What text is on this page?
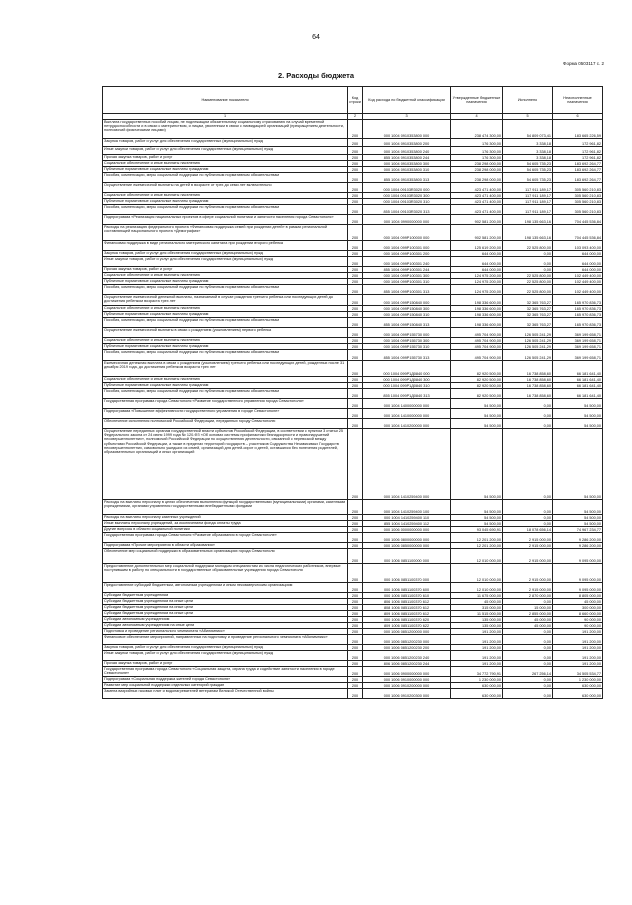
64
Форма 0503117 с. 2
2. Расходы бюджета
Наименование показателя	Код строки	Код расхода по бюджетной классификации	Утвержденные бюджетные назначения	Исполнено	Неисполненные назначения
1	2	3	4	5	6
Выплата государственных пособий лицам, не подлежащим обязательному социальному страхованию на случай временной нетрудоспособности и в связи с материнством, и лицам, уволенным в связи с ликвидацией организаций (прекращением деятельности, полномочий физическими лицами)	200	000 1004 0910353800 000	238 474 300,00	54 809 073,41	183 665 226,59
Закупка товаров, работ и услуг для обеспечения государственных (муниципальных) нужд	200	000 1004 0910353800 200	176 300,00	3 338,18	172 961,82
Иные закупки товаров, работ и услуг для обеспечения государственных (муниципальных) нужд	200	000 1004 0910353800 240	176 300,00	3 338,18	172 961,82
Прочая закупка товаров, работ и услуг	200	855 1004 0910353800 244	176 300,00	3 338,18	172 961,82
Социальное обеспечение и иные выплаты населению	200	000 1004 0910353800 300	238 298 000,00	54 605 735,23	183 692 264,77
Публичные нормативные социальные выплаты гражданам	200	000 1004 0910353800 310	238 298 000,00	54 605 735,23	183 692 264,77
Пособия, компенсации, меры социальной поддержки по публичным нормативным обязательствам	200	855 1004 0910353800 313	238 298 000,00	54 605 735,23	183 692 264,77
Осуществление ежемесячной выплаты на детей в возрасте от трех до семи лет включительно	200	000 1004 09103R3020 000	423 471 400,00	117 911 189,17	305 560 210,83
Социальное обеспечение и иные выплаты населению	200	000 1004 09103R3020 300	423 471 400,00	117 911 189,17	305 560 210,83
Публичные нормативные социальные выплаты гражданам	200	000 1004 09103R3020 310	423 471 400,00	117 911 189,17	305 560 210,83
Пособия, компенсации, меры социальной поддержки по публичным нормативным обязательствам	200	855 1004 09103R3020 313	423 471 400,00	117 911 189,17	305 560 210,83
Подпрограмма «Реализация национальных проектов в сфере социальной политики и занятости населения города Севастополя»	200	000 1004 0990000000 000	902 581 200,00	198 135 663,16	704 445 536,84
Расходы на реализацию федерального проекта «Финансовая поддержка семей при рождении детей» в рамках региональной составляющей национального проекта «Демография»	200	000 1004 099P100000 000	902 581 200,00	198 135 663,16	704 445 536,84
Финансовая поддержка в виде регионального материнского капитала при рождении второго ребенка	200	000 1004 099P100301 000	125 619 200,00	22 525 800,00	103 093 400,00
Закупка товаров, работ и услуг для обеспечения государственных (муниципальных) нужд	200	000 1004 099P100301 200	644 000,00	0,00	644 000,00
Иные закупки товаров, работ и услуг для обеспечения государственных (муниципальных) нужд	200	000 1004 099P100301 240	644 000,00	0,00	644 000,00
Прочая закупка товаров, работ и услуг	200	855 1004 099P100301 244	644 000,00	0,00	644 000,00
Социальное обеспечение и иные выплаты населению	200	000 1004 099P100301 300	124 975 200,00	22 525 800,00	102 449 400,00
Публичные нормативные социальные выплаты гражданам	200	000 1004 099P100301 310	124 975 200,00	22 525 800,00	102 449 400,00
Пособия, компенсации, меры социальной поддержки по публичным нормативным обязательствам	200	855 1004 099P100301 313	124 975 200,00	22 525 800,00	102 449 400,00
Осуществление ежемесячной денежной выплаты, назначаемой в случае рождения третьего ребенка или последующих детей до достижения ребенком возраста трех лет	200	000 1004 099P150840 000	198 336 600,00	32 365 763,27	165 970 836,73
Социальное обеспечение и иные выплаты населению	200	000 1004 099P150840 300	198 336 600,00	32 365 763,27	165 970 836,73
Публичные нормативные социальные выплаты гражданам	200	000 1004 099P150840 310	198 336 600,00	32 365 763,27	165 970 836,73
Пособия, компенсации, меры социальной поддержки по публичным нормативным обязательствам	200	855 1004 099P150840 313	198 336 600,00	32 365 763,27	165 970 836,73
Осуществление ежемесячной выплаты в связи с рождением (усыновлением) первого ребенка	200	000 1004 099P155730 000	495 704 900,00	126 505 241,29	369 199 658,71
Социальное обеспечение и иные выплаты населению	200	000 1004 099P155730 300	495 704 900,00	126 505 241,29	369 199 658,71
Публичные нормативные социальные выплаты гражданам	200	000 1004 099P155730 310	495 704 900,00	126 505 241,29	369 199 658,71
Пособия, компенсации, меры социальной поддержки по публичным нормативным обязательствам	200	855 1004 099P155730 313	495 704 900,00	126 505 241,29	369 199 658,71
Ежемесячная денежная выплата в связи с рождением (усыновлением) третьего ребенка или последующих детей, рожденных после 31 декабря 2019 года, до достижения ребенком возраста трех лет	200	000 1004 099P1Д0840 000	82 920 500,00	16 738 858,60	66 181 641,40
Социальное обеспечение и иные выплаты населению	200	000 1004 099P1Д0840 300	82 920 500,00	16 738 858,60	66 181 641,40
Публичные нормативные социальные выплаты гражданам	200	000 1004 099P1Д0840 310	82 920 500,00	16 738 858,60	66 181 641,40
Пособия, компенсации, меры социальной поддержки по публичным нормативным обязательствам	200	855 1004 099P1Д0840 313	82 920 500,00	16 738 858,60	66 181 641,40
Государственная программа города Севастополя «Развитие государственного управления города Севастополя»	200	000 1004 1400000000 000	54 500,00	0,00	54 500,00
Подпрограмма «Повышение эффективности государственного управления в городе Севастополе»	200	000 1004 1410000000 000	54 500,00	0,00	54 500,00
Обеспечение исполнения полномочий Российской Федерации, переданных городу Севастополю	200	000 1004 1410200000 000	54 500,00	0,00	54 500,00
Осуществление переданных органам государственной власти субъектов Российской Федерации, в соответствии с пунктом 3 статьи 25 Федерального закона от 24 июня 1999 года № 120-ФЗ «Об основах системы профилактики безнадзорности и правонарушений несовершеннолетних», полномочий Российской Федерации по осуществлению деятельности, связанной с перевозкой между субъектами Российской Федерации, а также в пределах территорий государств – участников Содружества Независимых Государств несовершеннолетних, самовольно ушедших из семей, организаций для детей-сирот и детей, оставшихся без попечения родителей, образовательных организаций и иных организаций	200	000 1004 1410259400 000	54 500,00	0,00	54 500,00
Расходы на выплаты персоналу в целях обеспечения выполнения функций государственными (муниципальными) органами, казенными учреждениями, органами управления государственными внебюджетными фондами	200	000 1004 1410259400 100	54 500,00	0,00	54 500,00
Расходы на выплаты персоналу казенных учреждений	200	000 1004 1410259400 110	54 500,00	0,00	54 500,00
Иные выплаты персоналу учреждений, за исключением фонда оплаты труда	200	855 1004 1410259400 112	54 500,00	0,00	54 500,00
Другие вопросы в области социальной политики	200	000 1006 0000000000 000	93 045 690,91	18 078 656,14	74 967 234,77
Государственная программа города Севастополя «Развитие образования в городе Севастополе»	200	000 1006 0800000000 000	12 201 200,00	2 915 000,00	9 286 200,00
Подпрограмма «Прочие мероприятия в области образования»	200	000 1006 0850000000 000	12 201 200,00	2 915 000,00	9 286 200,00
Обеспечение мер социальной поддержки в образовательных организациях города Севастополя	200	000 1006 0851100000 000	12 010 000,00	2 915 000,00	9 095 000,00
Предоставление дополнительных мер социальной поддержки молодым специалистам из числа педагогических работников, впервые поступившим в работу по специальности в государственные образовательные учреждения города Севастополя	200	000 1006 0851100370 000	12 010 000,00	2 915 000,00	9 095 000,00
Предоставление субсидий бюджетным, автономным учреждениям и иным некоммерческим организациям	200	000 1006 0851100370 600	12 010 000,00	2 915 000,00	9 095 000,00
Субсидии бюджетным учреждениям	200	000 1006 0851100370 610	11 675 000,00	2 870 000,00	8 805 000,00
Субсидии бюджетным учреждениям на иные цели	200	806 1006 0851100370 612	45 000,00	0,00	45 000,00
Субсидии бюджетным учреждениям на иные цели	200	808 1006 0851100370 612	315 000,00	15 000,00	300 000,00
Субсидии бюджетным учреждениям на иные цели	200	809 1006 0851100370 612	11 515 000,00	2 855 000,00	8 660 000,00
Субсидии автономным учреждениям	200	000 1006 0851100370 620	135 000,00	45 000,00	90 000,00
Субсидии автономным учреждениям на иные цели	200	809 1006 0851100370 622	135 000,00	45 000,00	90 000,00
Подготовка и проведение регионального чемпионата «Абилимпикс»	200	000 1006 0851200000 000	191 200,00	0,00	191 200,00
Финансовое обеспечение мероприятий, направленных на подготовку и проведение регионального чемпионата «Абилимпикс»	200	000 1006 0851200230 000	191 200,00	0,00	191 200,00
Закупка товаров, работ и услуг для обеспечения государственных (муниципальных) нужд	200	000 1006 0851200230 200	191 200,00	0,00	191 200,00
Иные закупки товаров, работ и услуг для обеспечения государственных (муниципальных) нужд	200	000 1006 0851200230 240	191 200,00	0,00	191 200,00
Прочая закупка товаров, работ и услуг	200	806 1006 0851200230 244	191 200,00	0,00	191 200,00
Государственная программа города Севастополя «Социальная защита, охрана труда и содействие занятости населения в городе Севастополе»	200	000 1006 0900000000 000	34 772 790,91	267 256,14	34 505 534,77
Подпрограмма «Социальная поддержка жителей города Севастополя»	200	000 1006 0910000000 000	1 230 000,00	0,00	1 230 000,00
Развитие мер социальной поддержки отдельных категорий граждан	200	000 1006 0910200000 000	630 000,00	0,00	630 000,00
Замена вахрийных газовых плит и водонагревателей ветеранам Великой Отечественной войны	200	000 1006 0910200300 000	630 000,00	0,00	630 000,00
